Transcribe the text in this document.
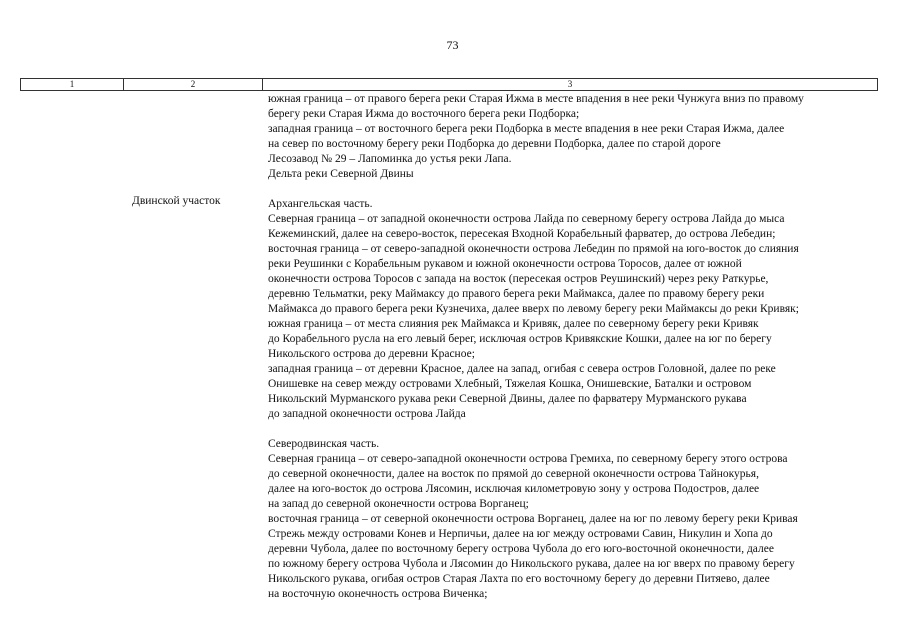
73
1	2	3
Двинской участок
южная граница – от правого берега реки Старая Ижма в месте впадения в нее реки Чунжуга вниз по правому
берегу реки Старая Ижма до восточного берега реки Подборка;
западная граница – от восточного берега реки Подборка в месте впадения в нее реки Старая Ижма, далее
на север по восточному берегу реки Подборка до деревни Подборка, далее по старой дороге
Лесозавод № 29 – Лапоминка до устья реки Лапа.
Дельта реки Северной Двины
Архангельская часть.
Северная граница – от западной оконечности острова Лайда по северному берегу острова Лайда до мыса
Кежеминский, далее на северо-восток, пересекая Входной Корабельный фарватер, до острова Лебедин;
восточная граница – от северо-западной оконечности острова Лебедин по прямой на юго-восток до слияния
реки Реушинки с Корабельным рукавом и южной оконечности острова Торосов, далее от южной
оконечности острова Торосов с запада на восток (пересекая остров Реушинский) через реку Раткурье,
деревню Тельматки, реку Маймаксу до правого берега реки Маймакса, далее по правому берегу реки
Маймакса до правого берега реки Кузнечиха, далее вверх по левому берегу реки Маймаксы до реки Кривяк;
южная граница – от места слияния рек Маймакса и Кривяк, далее по северному берегу реки Кривяк
до Корабельного русла на его левый берег, исключая остров Кривякские Кошки, далее на юг по берегу
Никольского острова до деревни Красное;
западная граница – от деревни Красное, далее на запад, огибая с севера остров Головной, далее по реке
Онишевке на север между островами Хлебный, Тяжелая Кошка, Онишевские, Баталки и островом
Никольский Мурманского рукава реки Северной Двины, далее по фарватеру Мурманского рукава
до западной оконечности острова Лайда
Северодвинская часть.
Северная граница – от северо-западной оконечности острова Гремиха, по северному берегу этого острова
до северной оконечности, далее на восток по прямой до северной оконечности острова Тайнокурья,
далее на юго-восток до острова Лясомин, исключая километровую зону у острова Подостров, далее
на запад до северной оконечности острова Ворганец;
восточная граница – от северной оконечности острова Ворганец, далее на юг по левому берегу реки Кривая
Стрежь между островами Конев и Нерпичьи, далее на юг между островами Савин, Никулин и Хопа до
деревни Чубола, далее по восточному берегу острова Чубола до его юго-восточной оконечности, далее
по южному берегу острова Чубола и Лясомин до Никольского рукава, далее на юг вверх по правому берегу
Никольского рукава, огибая остров Старая Лахта по его восточному берегу до деревни Питяево, далее
на восточную оконечность острова Виченка;
